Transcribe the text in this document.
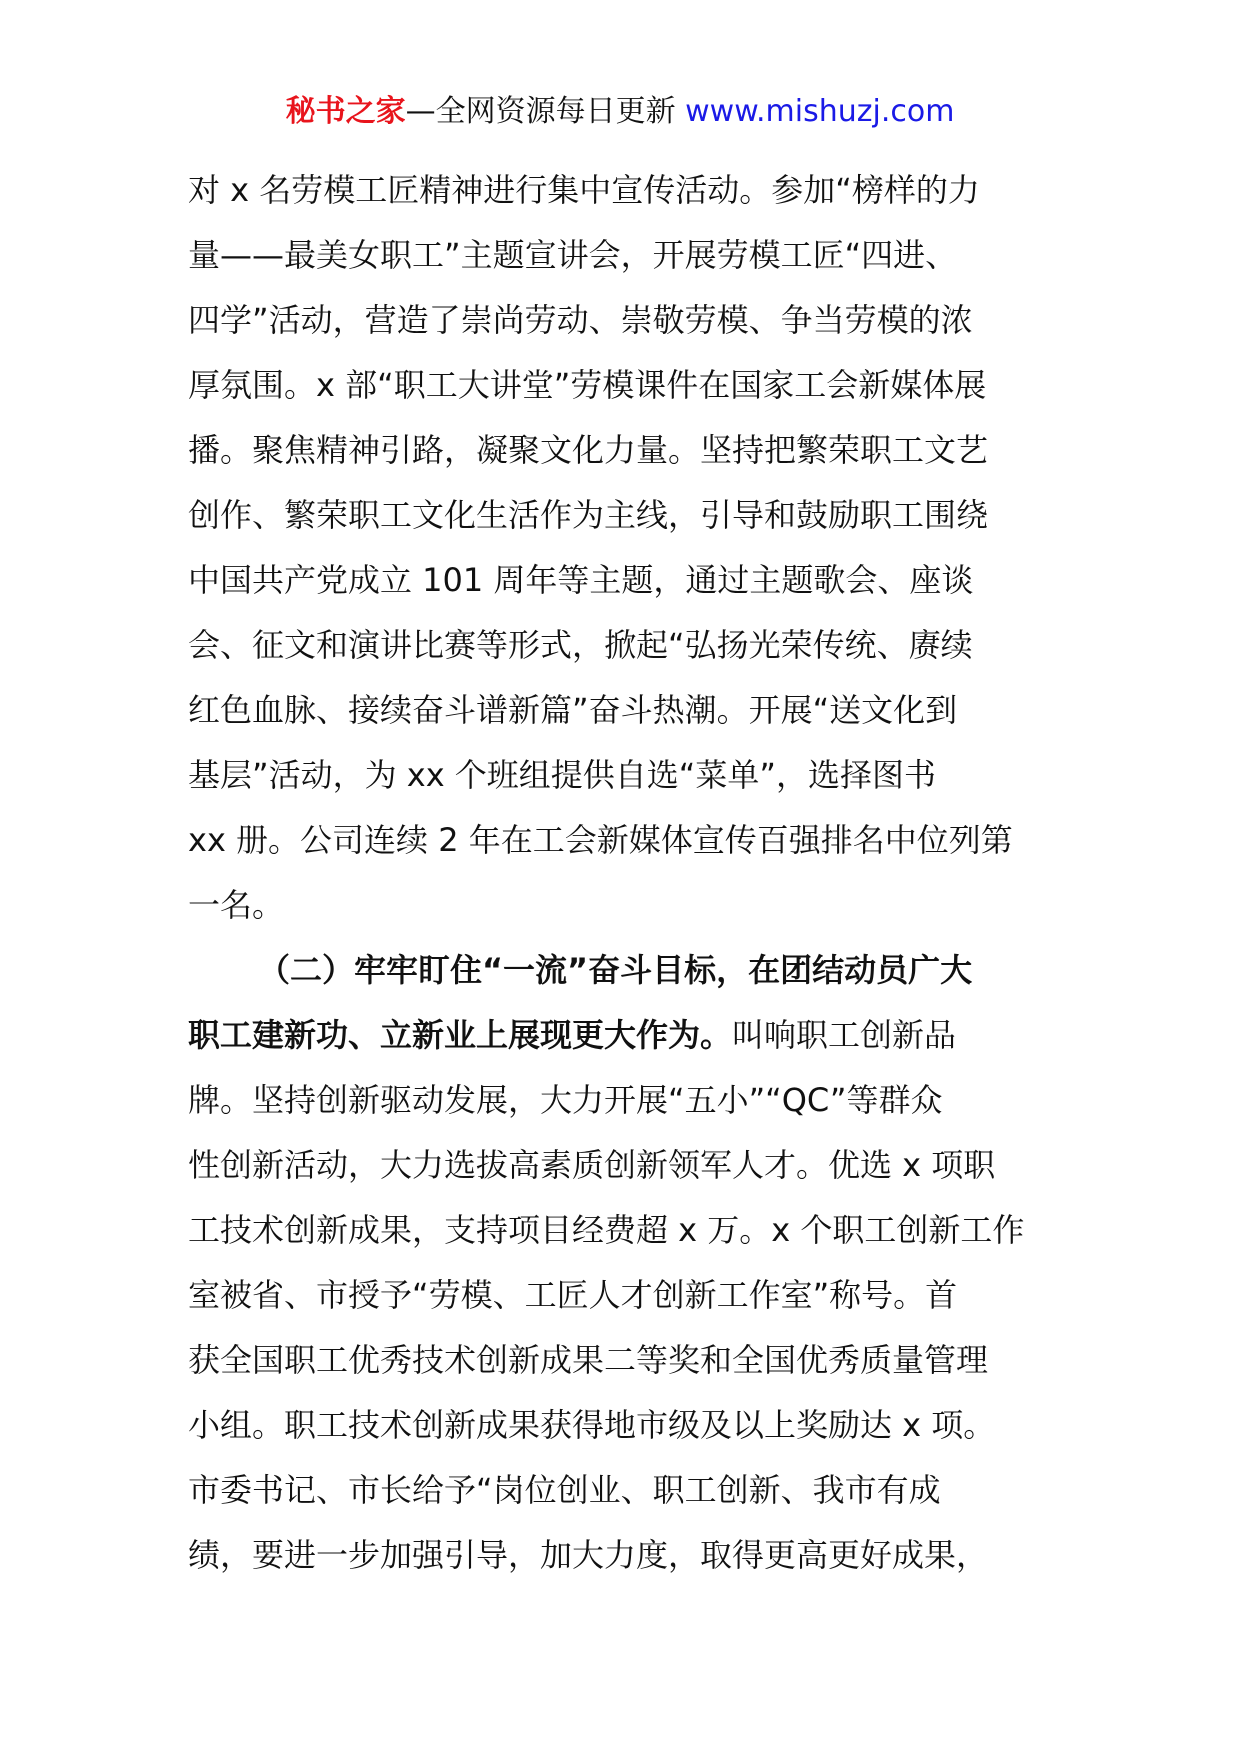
秘书之家—全网资源每日更新 www.mishuzj.com
对 x 名劳模工匠精神进行集中宣传活动。参加“榜样的力
量——最美女职工”主题宣讲会，开展劳模工匠“四进、
四学”活动，营造了崇尚劳动、崇敬劳模、争当劳模的浓
厚氛围。x 部“职工大讲堂”劳模课件在国家工会新媒体展
播。聚焦精神引路，凝聚文化力量。坚持把繁荣职工文艺
创作、繁荣职工文化生活作为主线，引导和鼓励职工围绕
中国共产党成立 101 周年等主题，通过主题歌会、座谈
会、征文和演讲比赛等形式，掀起“弘扬光荣传统、赓续
红色血脉、接续奋斗谱新篇”奋斗热潮。开展“送文化到
基层”活动，为 xx 个班组提供自选“菜单”，选择图书
xx 册。公司连续 2 年在工会新媒体宣传百强排名中位列第
一名。
（二）牢牢盯住“一流”奋斗目标，在团结动员广大
职工建新功、立新业上展现更大作为。叫响职工创新品
牌。坚持创新驱动发展，大力开展“五小”“QC”等群众
性创新活动，大力选拔高素质创新领军人才。优选 x 项职
工技术创新成果，支持项目经费超 x 万。x 个职工创新工作
室被省、市授予“劳模、工匠人才创新工作室”称号。首
获全国职工优秀技术创新成果二等奖和全国优秀质量管理
小组。职工技术创新成果获得地市级及以上奖励达 x 项。
市委书记、市长给予“岗位创业、职工创新、我市有成
绩，要进一步加强引导，加大力度，取得更高更好成果，
